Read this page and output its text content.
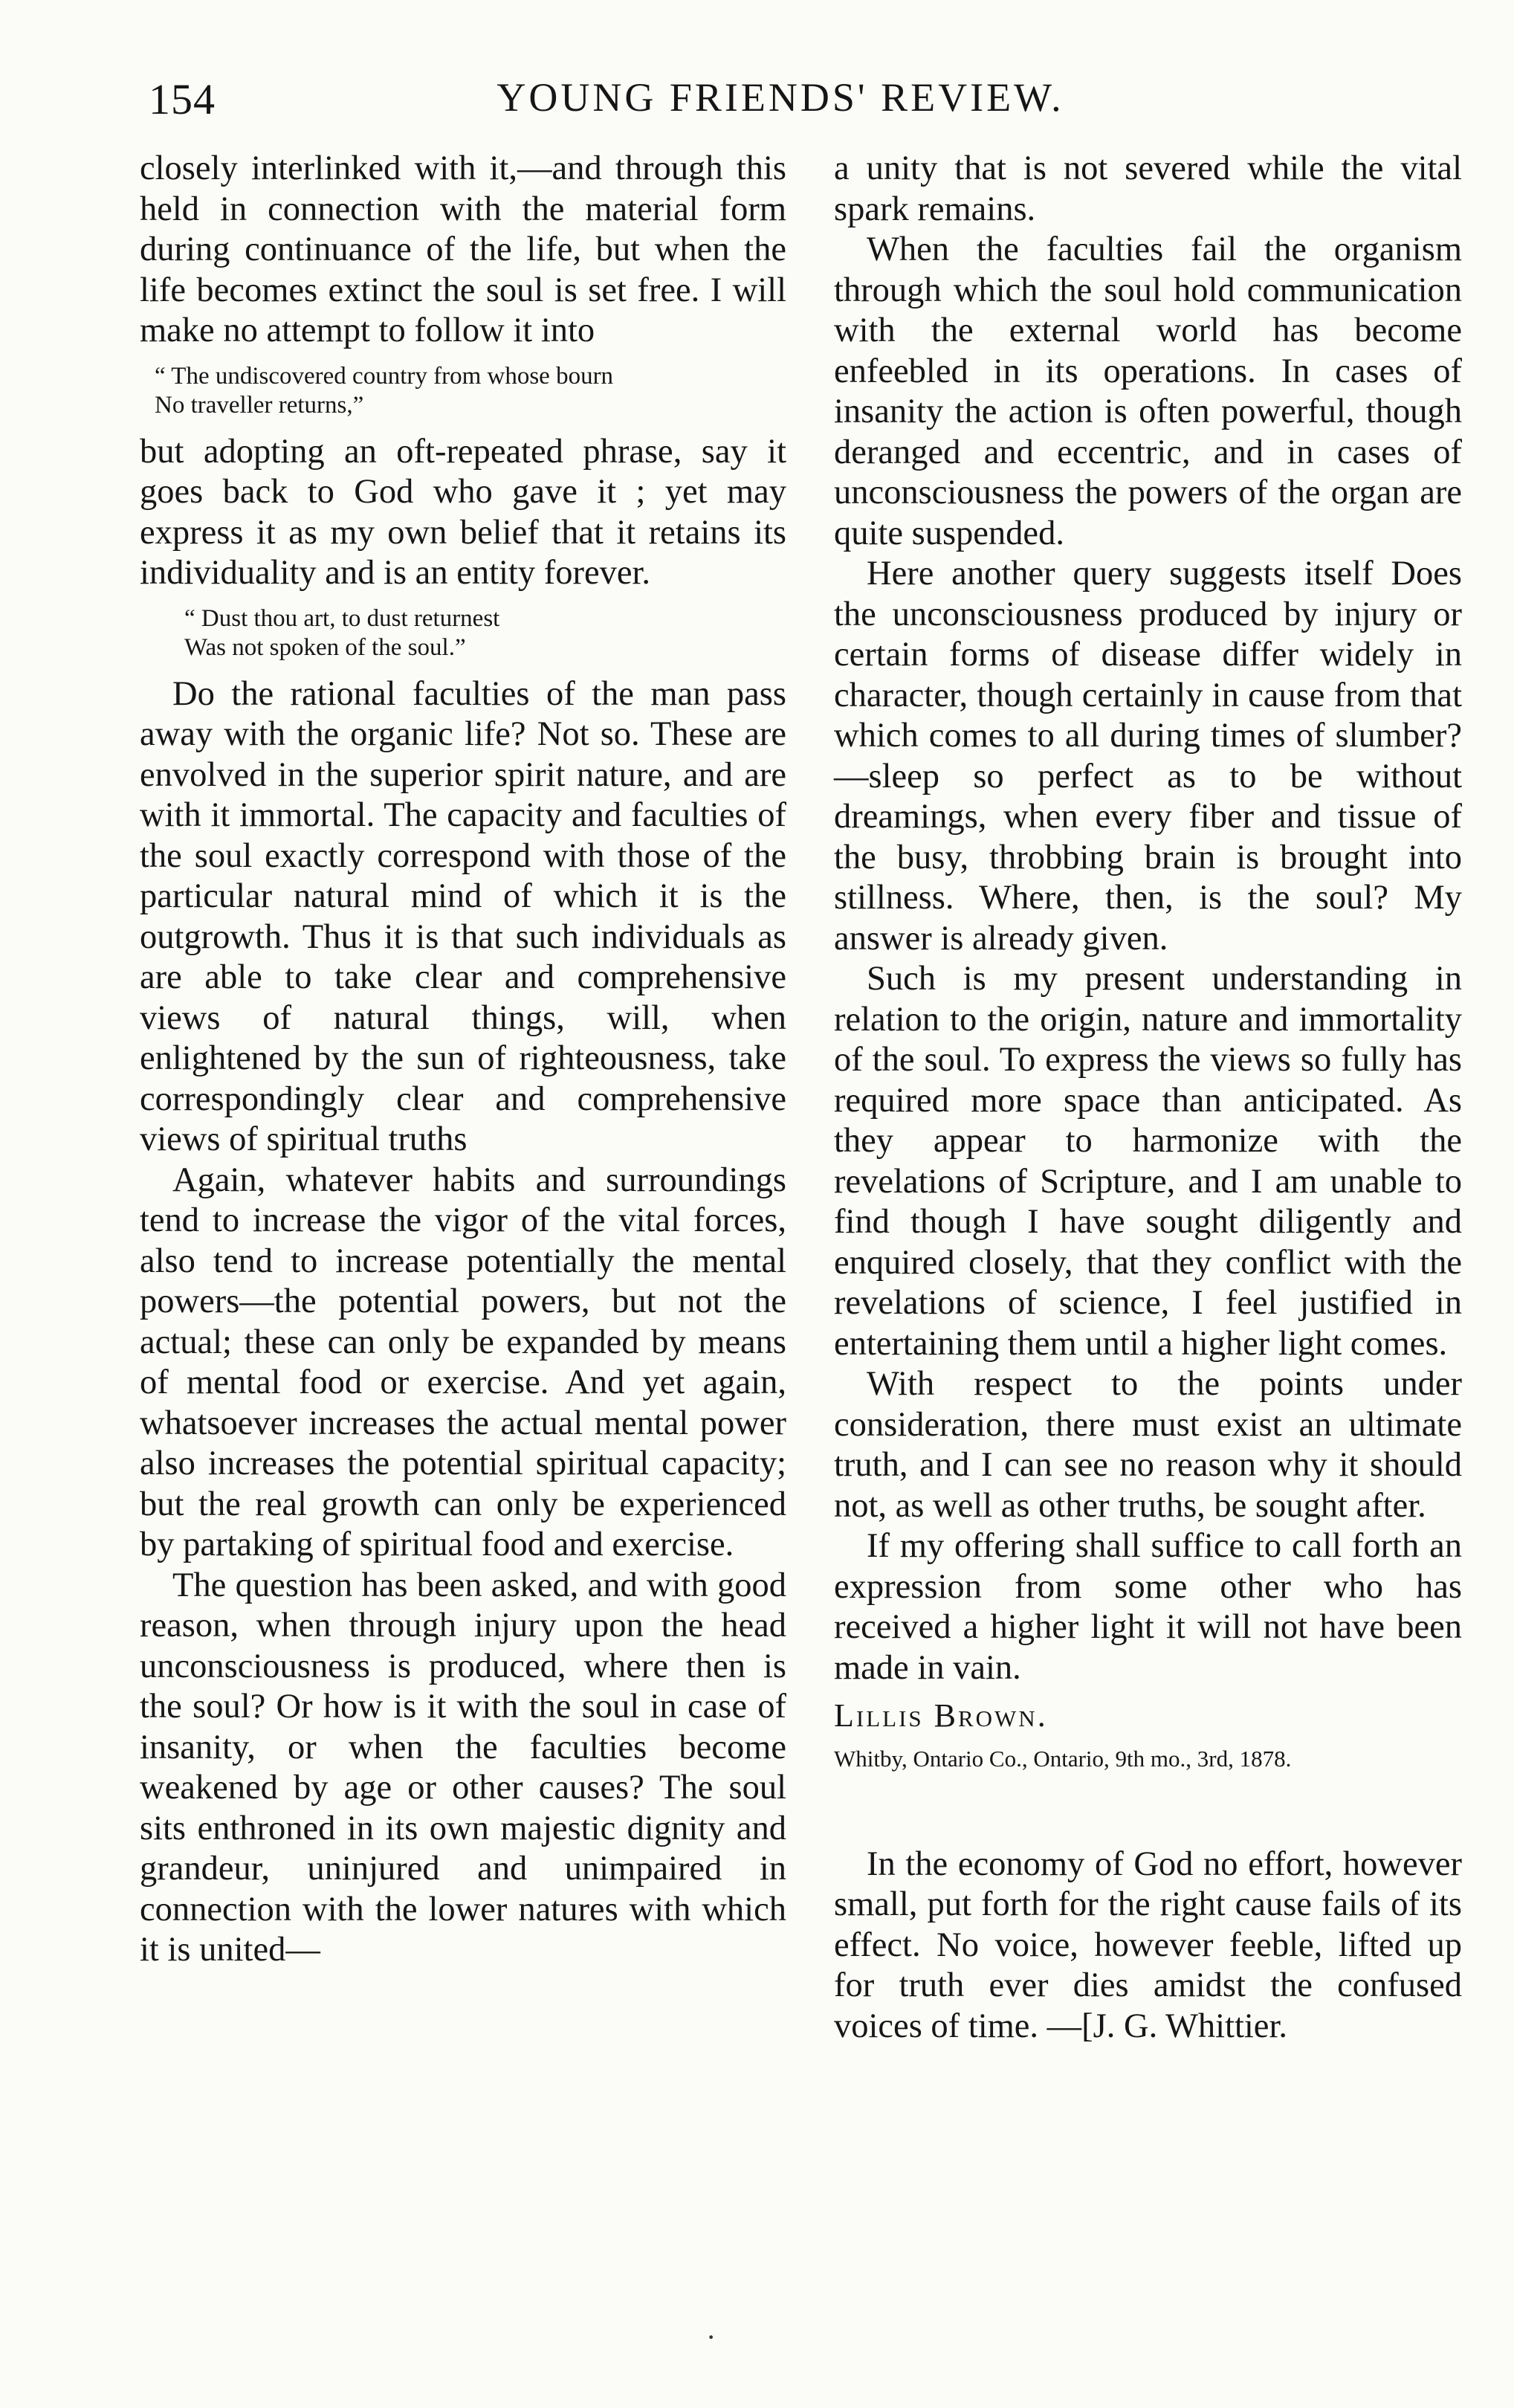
154	YOUNG FRIENDS' REVIEW.

closely interlinked with it,—and through this held in connection with the material form during continuance of the life, but when the life becomes extinct the soul is set free. I will make no attempt to follow it into

“ The undiscovered country from whose bourn
No traveller returns,”

but adopting an oft-repeated phrase, say it goes back to God who gave it ; yet may express it as my own belief that it retains its individuality and is an entity forever.

“ Dust thou art, to dust returnest
Was not spoken of the soul.”

Do the rational faculties of the man pass away with the organic life? Not so. These are envolved in the superior spirit nature, and are with it immortal. The capacity and faculties of the soul exactly correspond with those of the particular natural mind of which it is the outgrowth. Thus it is that such individuals as are able to take clear and comprehensive views of natural things, will, when enlightened by the sun of righteousness, take correspondingly clear and comprehensive views of spiritual truths

Again, whatever habits and surroundings tend to increase the vigor of the vital forces, also tend to increase potentially the mental powers—the potential powers, but not the actual; these can only be expanded by means of mental food or exercise. And yet again, whatsoever increases the actual mental power also increases the potential spiritual capacity; but the real growth can only be experienced by partaking of spiritual food and exercise.

The question has been asked, and with good reason, when through injury upon the head unconsciousness is produced, where then is the soul? Or how is it with the soul in case of insanity, or when the faculties become weakened by age or other causes? The soul sits enthroned in its own majestic dignity and grandeur, uninjured and unimpaired in connection with the lower natures with which it is united—

a unity that is not severed while the vital spark remains.

When the faculties fail the organism through which the soul hold communication with the external world has become enfeebled in its operations. In cases of insanity the action is often powerful, though deranged and eccentric, and in cases of unconsciousness the powers of the organ are quite suspended.

Here another query suggests itself Does the unconsciousness produced by injury or certain forms of disease differ widely in character, though certainly in cause from that which comes to all during times of slumber?—sleep so perfect as to be without dreamings, when every fiber and tissue of the busy, throbbing brain is brought into stillness. Where, then, is the soul? My answer is already given.

Such is my present understanding in relation to the origin, nature and immortality of the soul. To express the views so fully has required more space than anticipated. As they appear to harmonize with the revelations of Scripture, and I am unable to find though I have sought diligently and enquired closely, that they conflict with the revelations of science, I feel justified in entertaining them until a higher light comes.

With respect to the points under consideration, there must exist an ultimate truth, and I can see no reason why it should not, as well as other truths, be sought after.

If my offering shall suffice to call forth an expression from some other who has received a higher light it will not have been made in vain.

Lillis Brown.

Whitby, Ontario Co., Ontario, 9th mo., 3rd, 1878.

In the economy of God no effort, however small, put forth for the right cause fails of its effect. No voice, however feeble, lifted up for truth ever dies amidst the confused voices of time. —[J. G. Whittier.

·
